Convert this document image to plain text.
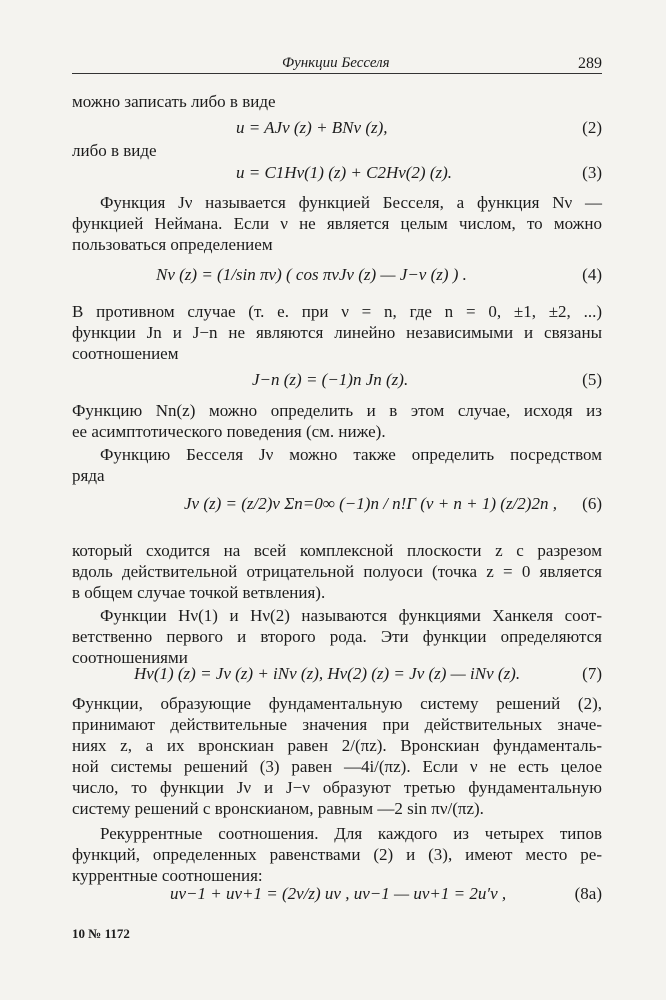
Функции Бесселя	289
можно записать либо в виде
u = AJν (z) + BNν (z),	(2)
либо в виде
u = C1Hν(1) (z) + C2Hν(2) (z).	(3)
Функция Jν называется функцией Бесселя, а функция Nν —
функцией Неймана. Если ν не является целым числом, то можно
пользоваться определением
Nν (z) = (1/sin πν) ( cos πνJν (z) — J−ν (z) ) .	(4)
В противном случае (т. е. при ν = n, где n = 0, ±1, ±2, ...)
функции Jn и J−n не являются линейно независимыми и связаны
соотношением
J−n (z) = (−1)n Jn (z).	(5)
Функцию Nn(z) можно определить и в этом случае, исходя из
ее асимптотического поведения (см. ниже).
Функцию Бесселя Jν можно также определить посредством
ряда
Jν (z) = (z/2)ν Σn=0∞ (−1)n / n!Γ (ν + n + 1) (z/2)2n , (6)
который сходится на всей комплексной плоскости z с разрезом
вдоль действительной отрицательной полуоси (точка z = 0 является
в общем случае точкой ветвления).
Функции Hν(1) и Hν(2) называются функциями Ханкеля соот-
ветственно первого и второго рода. Эти функции определяются
соотношениями
Hν(1) (z) = Jν (z) + iNν (z), Hν(2) (z) = Jν (z) — iNν (z).	(7)
Функции, образующие фундаментальную систему решений (2),
принимают действительные значения при действительных значе-
ниях z, а их вронскиан равен 2/(πz). Вронскиан фундаменталь-
ной системы решений (3) равен —4i/(πz). Если ν не есть целое
число, то функции Jν и J−ν образуют третью фундаментальную
систему решений с вронскианом, равным —2 sin πν/(πz).
Рекуррентные соотношения. Для каждого из четырех типов
функций, определенных равенствами (2) и (3), имеют место ре-
куррентные соотношения:
uν−1 + uν+1 = (2ν/z) uν , uν−1 — uν+1 = 2u′ν ,	(8a)
10 № 1172
